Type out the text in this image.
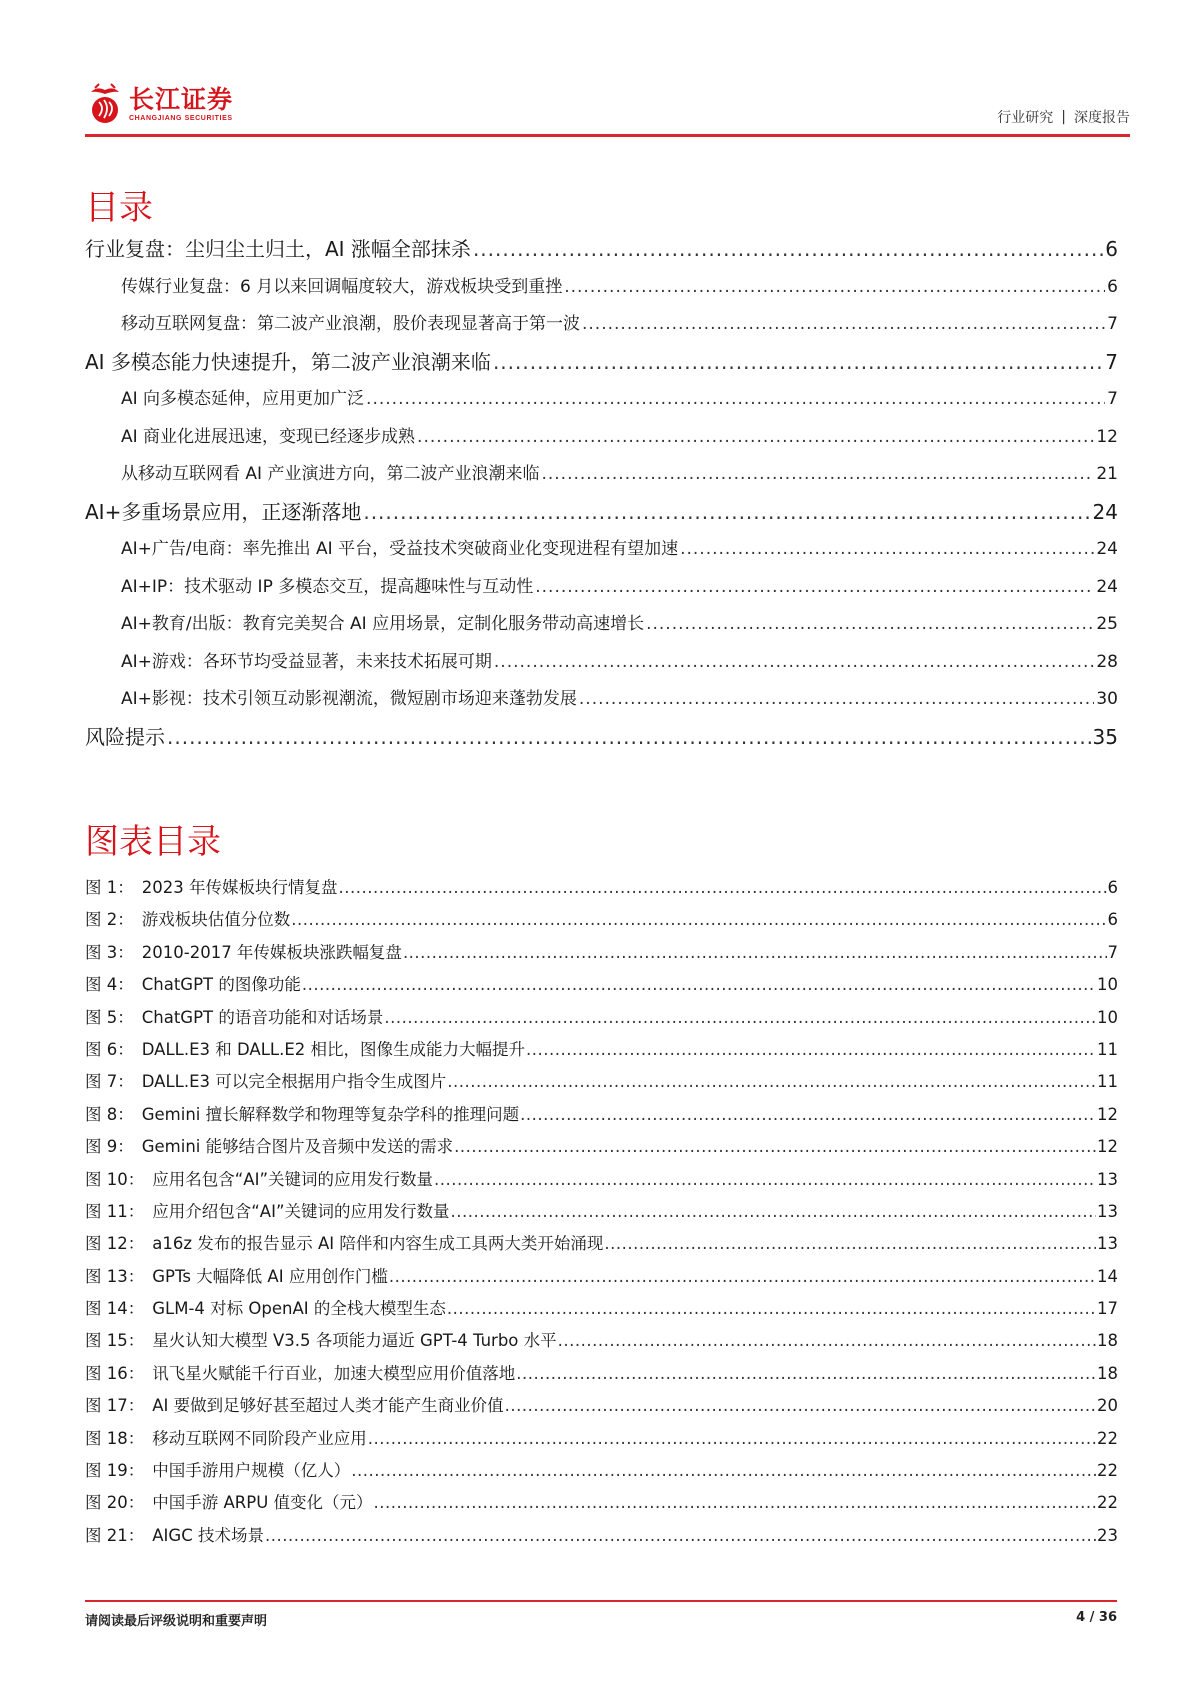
长江证券
CHANGJIANG SECURITIES	行业研究 | 深度报告
目录
行业复盘：尘归尘土归土，AI 涨幅全部抹杀 .....	6
传媒行业复盘：6 月以来回调幅度较大，游戏板块受到重挫 .....	6
移动互联网复盘：第二波产业浪潮，股价表现显著高于第一波 .....	7
AI 多模态能力快速提升，第二波产业浪潮来临 .....	7
AI 向多模态延伸，应用更加广泛 .....	7
AI 商业化进展迅速，变现已经逐步成熟 .....	12
从移动互联网看 AI 产业演进方向，第二波产业浪潮来临 .....	21
AI+多重场景应用，正逐渐落地 .....	24
AI+广告/电商：率先推出 AI 平台，受益技术突破商业化变现进程有望加速 .....	24
AI+IP：技术驱动 IP 多模态交互，提高趣味性与互动性 .....	24
AI+教育/出版：教育完美契合 AI 应用场景，定制化服务带动高速增长 .....	25
AI+游戏：各环节均受益显著，未来技术拓展可期 .....	28
AI+影视：技术引领互动影视潮流，微短剧市场迎来蓬勃发展 .....	30
风险提示 .....	35
图表目录
图 1： 2023 年传媒板块行情复盘 .....	6
图 2： 游戏板块估值分位数 .....	6
图 3： 2010-2017 年传媒板块涨跌幅复盘 .....	7
图 4： ChatGPT 的图像功能 .....	10
图 5： ChatGPT 的语音功能和对话场景 .....	10
图 6： DALL.E3 和 DALL.E2 相比，图像生成能力大幅提升 .....	11
图 7： DALL.E3 可以完全根据用户指令生成图片 .....	11
图 8： Gemini 擅长解释数学和物理等复杂学科的推理问题 .....	12
图 9： Gemini 能够结合图片及音频中发送的需求 .....	12
图 10： 应用名包含“AI”关键词的应用发行数量 .....	13
图 11： 应用介绍包含“AI”关键词的应用发行数量 .....	13
图 12： a16z 发布的报告显示 AI 陪伴和内容生成工具两大类开始涌现 .....	13
图 13： GPTs 大幅降低 AI 应用创作门槛 .....	14
图 14： GLM-4 对标 OpenAI 的全栈大模型生态 .....	17
图 15： 星火认知大模型 V3.5 各项能力逼近 GPT-4 Turbo 水平 .....	18
图 16： 讯飞星火赋能千行百业，加速大模型应用价值落地 .....	18
图 17： AI 要做到足够好甚至超过人类才能产生商业价值 .....	20
图 18： 移动互联网不同阶段产业应用 .....	22
图 19： 中国手游用户规模（亿人） .....	22
图 20： 中国手游 ARPU 值变化（元） .....	22
图 21： AIGC 技术场景 .....	23
请阅读最后评级说明和重要声明	4 / 36
